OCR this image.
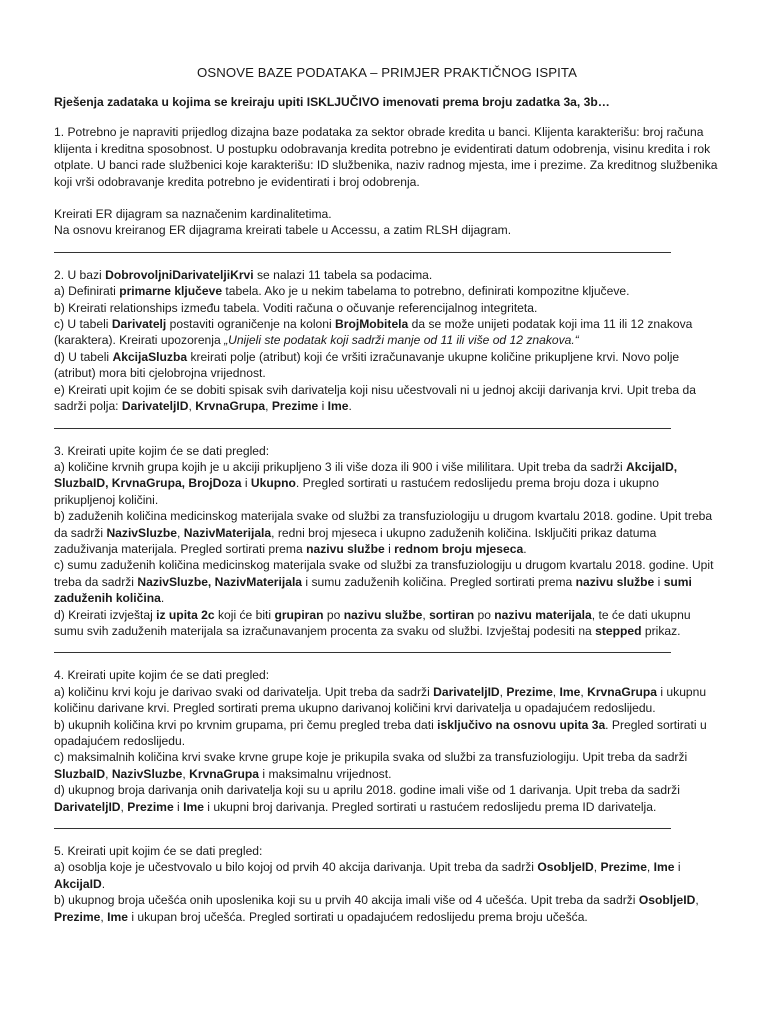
OSNOVE BAZE PODATAKA – PRIMJER PRAKTIČNOG ISPITA

Rješenja zadataka u kojima se kreiraju upiti ISKLJUČIVO imenovati prema broju zadatka 3a, 3b…

1. Potrebno je napraviti prijedlog dizajna baze podataka za sektor obrade kredita u banci. Klijenta karakterišu: broj računa klijenta i kreditna sposobnost. U postupku odobravanja kredita potrebno je evidentirati datum odobrenja, visinu kredita i rok otplate. U banci rade službenici koje karakterišu: ID službenika, naziv radnog mjesta, ime i prezime. Za kreditnog službenika koji vrši odobravanje kredita potrebno je evidentirati i broj odobrenja.

Kreirati ER dijagram sa naznačenim kardinalitetima.

Na osnovu kreiranog ER dijagrama kreirati tabele u Accessu, a zatim RLSH dijagram.

2. U bazi DobrovoljniDarivateljiKrvi se nalazi 11 tabela sa podacima.

a) Definirati primarne ključeve tabela. Ako je u nekim tabelama to potrebno, definirati kompozitne ključeve.

b) Kreirati relationships između tabela. Voditi računa o očuvanje referencijalnog integriteta.

c) U tabeli Darivatelj postaviti ograničenje na koloni BrojMobitela da se može unijeti podatak koji ima 11 ili 12 znakova (karakterа). Kreirati upozorenja „Unijeli ste podatak koji sadrži manje od 11 ili više od 12 znakova.“

d) U tabeli AkcijaSluzba kreirati polje (atribut) koji će vršiti izračunavanje ukupne količine prikupljene krvi. Novo polje (atribut) mora biti cjelobrojna vrijednost.

e) Kreirati upit kojim će se dobiti spisak svih darivatelja koji nisu učestvovali ni u jednoj akciji darivanja krvi. Upit treba da sadrži polja: DarivateljID, KrvnaGrupa, Prezime i Ime.

3. Kreirati upite kojim će se dati pregled:

a) količine krvnih grupa kojih je u akciji prikupljeno 3 ili više doza ili 900 i više mililitara. Upit treba da sadrži AkcijaID, SluzbaID, KrvnaGrupa, BrojDoza i Ukupno. Pregled sortirati u rastućem redoslijedu prema broju doza i ukupno prikupljenoj količini.

b) zaduženih količina medicinskog materijala svake od službi za transfuziologiju u drugom kvartalu 2018. godine. Upit treba da sadrži NazivSluzbe, NazivMaterijala, redni broj mjeseca i ukupno zaduženih količina. Isključiti prikaz datuma zaduživanja materijala. Pregled sortirati prema nazivu službe i rednom broju mjeseca.

c) sumu zaduženih količina medicinskog materijala svake od službi za transfuziologiju u drugom kvartalu 2018. godine. Upit treba da sadrži NazivSluzbe, NazivMaterijala i sumu zaduženih količina. Pregled sortirati prema nazivu službe i sumi zaduženih količina.

d) Kreirati izvještaj iz upita 2c koji će biti grupiran po nazivu službe, sortiran po nazivu materijala, te će dati ukupnu sumu svih zaduženih materijala sa izračunavanjem procenta za svaku od službi. Izvještaj podesiti na stepped prikaz.

4. Kreirati upite kojim će se dati pregled:

a) količinu krvi koju je darivao svaki od darivatelja. Upit treba da sadrži DarivateljID, Prezime, Ime, KrvnaGrupa i ukupnu količinu darivane krvi. Pregled sortirati prema ukupno darivanoj količini krvi darivatelja u opadajućem redoslijedu.

b) ukupnih količina krvi po krvnim grupama, pri čemu pregled treba dati isključivo na osnovu upita 3a. Pregled sortirati u opadajućem redoslijedu.

c) maksimalnih količina krvi svake krvne grupe koje je prikupila svaka od službi za transfuziologiju. Upit treba da sadrži SluzbaID, NazivSluzbe, KrvnaGrupa i maksimalnu vrijednost.

d) ukupnog broja darivanja onih darivatelja koji su u aprilu 2018. godine imali više od 1 darivanja. Upit treba da sadrži DarivateljID, Prezime i Ime i ukupni broj darivanja. Pregled sortirati u rastućem redoslijedu prema ID darivatelja.

5. Kreirati upit kojim će se dati pregled:

a) osoblja koje je učestvovalo u bilo kojoj od prvih 40 akcija darivanja. Upit treba da sadrži OsobljeID, Prezime, Ime i AkcijaID.

b) ukupnog broja učešća onih uposlenika koji su u prvih 40 akcija imali više od 4 učešća. Upit treba da sadrži OsobljeID, Prezime, Ime i ukupan broj učešća. Pregled sortirati u opadajućem redoslijedu prema broju učešća.
